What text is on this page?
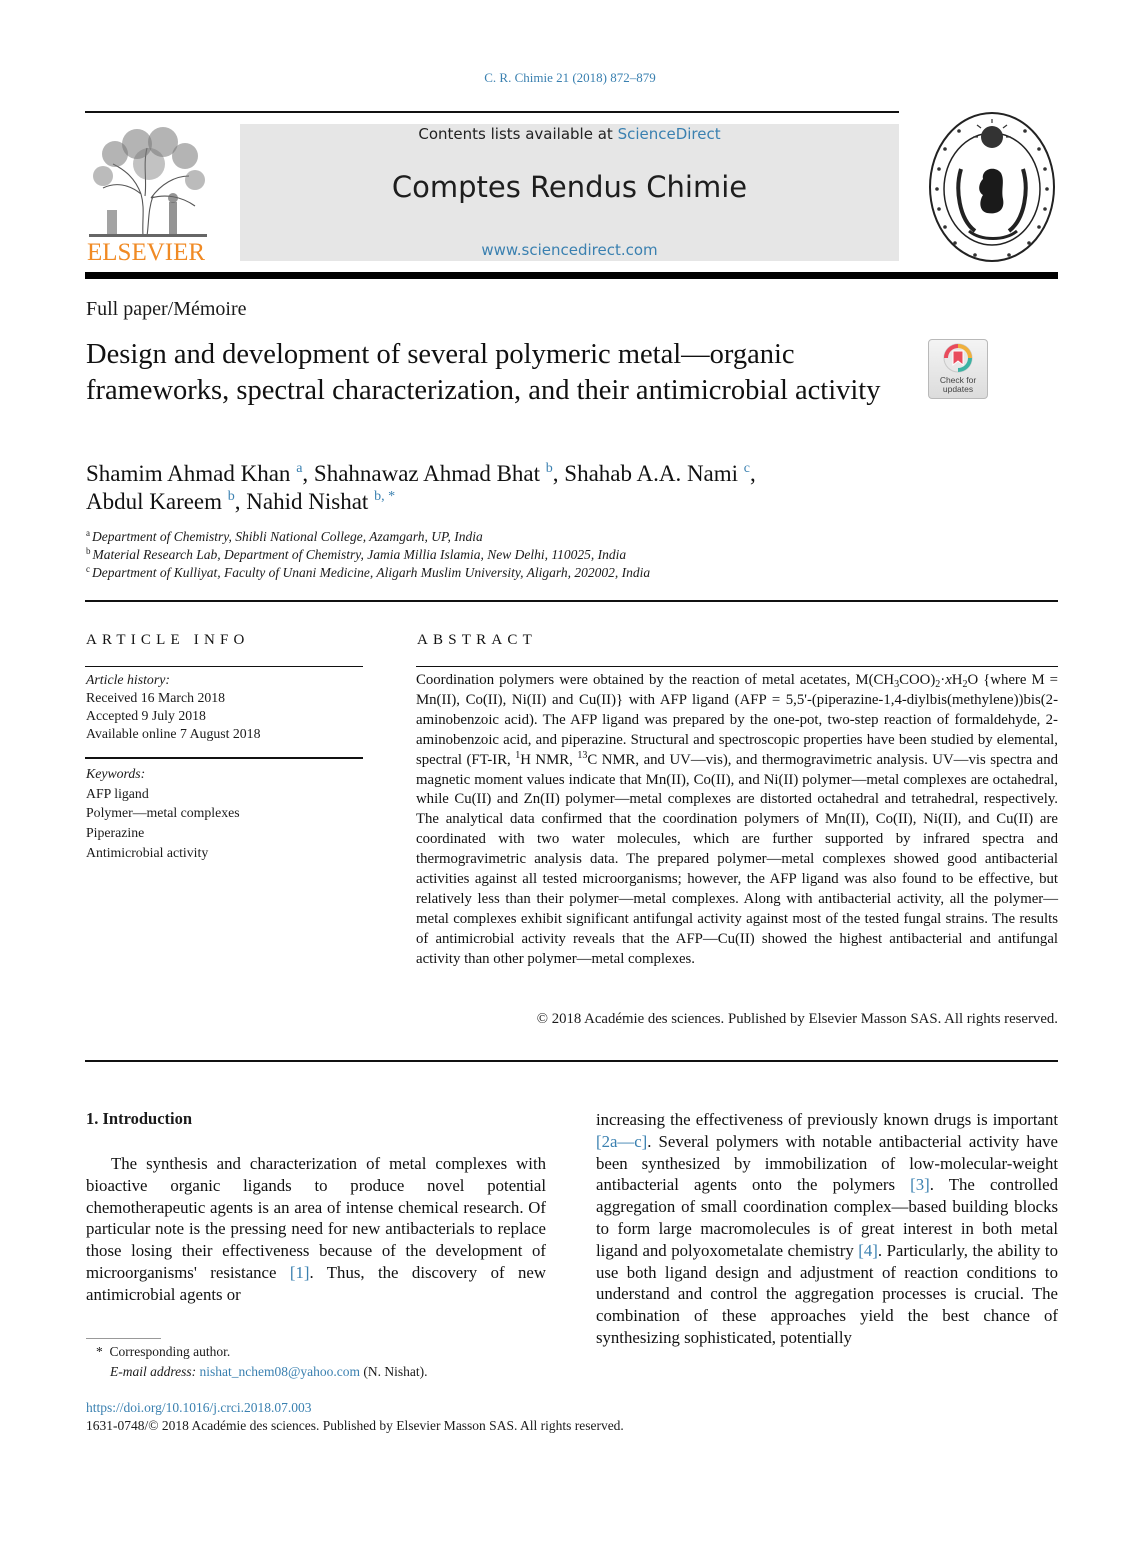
C. R. Chimie 21 (2018) 872–879
ELSEVIER
Contents lists available at ScienceDirect
Comptes Rendus Chimie
www.sciencedirect.com
Full paper/Mémoire
Design and development of several polymeric metal—organic frameworks, spectral characterization, and their antimicrobial activity	Check for updates
Shamim Ahmad Khan $^a$, Shahnawaz Ahmad Bhat $^b$, Shahab A.A. Nami $^c$,
Abdul Kareem $^b$, Nahid Nishat $^{b, *}$
$^a$ Department of Chemistry, Shibli National College, Azamgarh, UP, India
$^b$ Material Research Lab, Department of Chemistry, Jamia Millia Islamia, New Delhi, 110025, India
$^c$ Department of Kulliyat, Faculty of Unani Medicine, Aligarh Muslim University, Aligarh, 202002, India
ARTICLE INFO	ABSTRACT
Article history:
Received 16 March 2018
Accepted 9 July 2018
Available online 7 August 2018
Keywords:
AFP ligand
Polymer—metal complexes
Piperazine
Antimicrobial activity
Coordination polymers were obtained by the reaction of metal acetates, $M(CH_3COO)_2\cdot xH_2O$ {where M = Mn(II), Co(II), Ni(II) and Cu(II)} with AFP ligand (AFP = 5,5'-(piperazine-1,4-diylbis(methylene))bis(2-aminobenzoic acid). The AFP ligand was prepared by the one-pot, two-step reaction of formaldehyde, 2-aminobenzoic acid, and piperazine. Structural and spectroscopic properties have been studied by elemental, spectral (FT-IR, $^1$H NMR, $^{13}$C NMR, and UV—vis), and thermogravimetric analysis. UV—vis spectra and magnetic moment values indicate that Mn(II), Co(II), and Ni(II) polymer—metal complexes are octahedral, while Cu(II) and Zn(II) polymer—metal complexes are distorted octahedral and tetrahedral, respectively. The analytical data confirmed that the coordination polymers of Mn(II), Co(II), Ni(II), and Cu(II) are coordinated with two water molecules, which are further supported by infrared spectra and thermogravimetric analysis data. The prepared polymer—metal complexes showed good antibacterial activities against all tested microorganisms; however, the AFP ligand was also found to be effective, but relatively less than their polymer—metal complexes. Along with antibacterial activity, all the polymer—metal complexes exhibit significant antifungal activity against most of the tested fungal strains. The results of antimicrobial activity reveals that the AFP—Cu(II) showed the highest antibacterial and antifungal activity than other polymer—metal complexes.
© 2018 Académie des sciences. Published by Elsevier Masson SAS. All rights reserved.
1. Introduction
The synthesis and characterization of metal complexes with bioactive organic ligands to produce novel potential chemotherapeutic agents is an area of intense chemical research. Of particular note is the pressing need for new antibacterials to replace those losing their effectiveness because of the development of microorganisms' resistance [1]. Thus, the discovery of new antimicrobial agents or
increasing the effectiveness of previously known drugs is important [2a—c]. Several polymers with notable antibacterial activity have been synthesized by immobilization of low-molecular-weight antibacterial agents onto the polymers [3]. The controlled aggregation of small coordination complex—based building blocks to form large macromolecules is of great interest in both metal ligand and polyoxometalate chemistry [4]. Particularly, the ability to use both ligand design and adjustment of reaction conditions to understand and control the aggregation processes is crucial. The combination of these approaches yield the best chance of synthesizing sophisticated, potentially
* Corresponding author.
E-mail address: nishat_nchem08@yahoo.com (N. Nishat).
https://doi.org/10.1016/j.crci.2018.07.003
1631-0748/© 2018 Académie des sciences. Published by Elsevier Masson SAS. All rights reserved.
